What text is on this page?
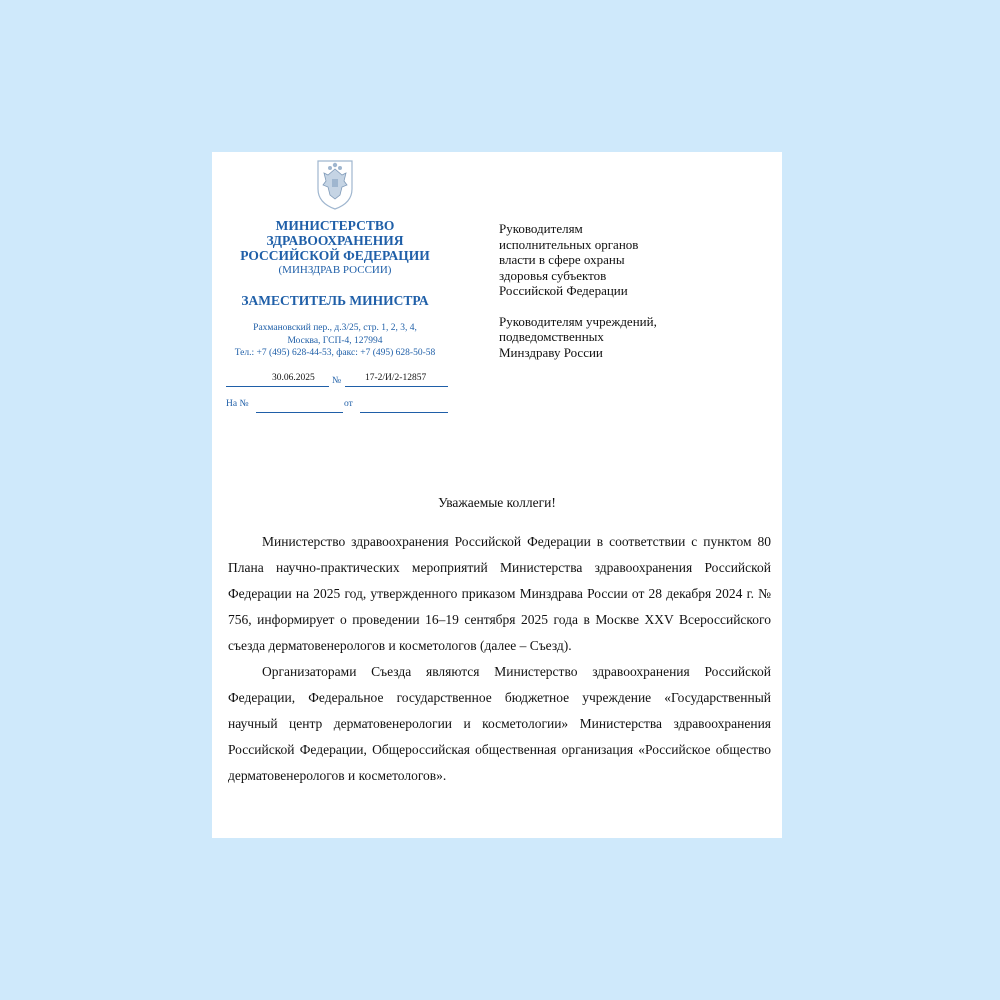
МИНИСТЕРСТВО
ЗДРАВООХРАНЕНИЯ
РОССИЙСКОЙ ФЕДЕРАЦИИ
(МИНЗДРАВ РОССИИ)
ЗАМЕСТИТЕЛЬ МИНИСТРА
Рахмановский пер., д.3/25, стр. 1, 2, 3, 4,
Москва, ГСП-4, 127994
Тел.: +7 (495) 628-44-53, факс: +7 (495) 628-50-58
30.06.2025 №	17-2/И/2-12857
На №	от
Руководителям
исполнительных органов
власти в сфере охраны
здоровья субъектов
Российской Федерации
Руководителям учреждений,
подведомственных
Минздраву России
Уважаемые коллеги!

Министерство здравоохранения Российской Федерации в соответствии с пунктом 80 Плана научно-практических мероприятий Министерства здравоохранения Российской Федерации на 2025 год, утвержденного приказом Минздрава России от 28 декабря 2024 г. № 756, информирует о проведении 16–19 сентября 2025 года в Москве XXV Всероссийского съезда дерматовенерологов и косметологов (далее – Съезд).

Организаторами Съезда являются Министерство здравоохранения Российской Федерации, Федеральное государственное бюджетное учреждение «Государственный научный центр дерматовенерологии и косметологии» Министерства здравоохранения Российской Федерации, Общероссийская общественная организация «Российское общество дерматовенерологов и косметологов».
